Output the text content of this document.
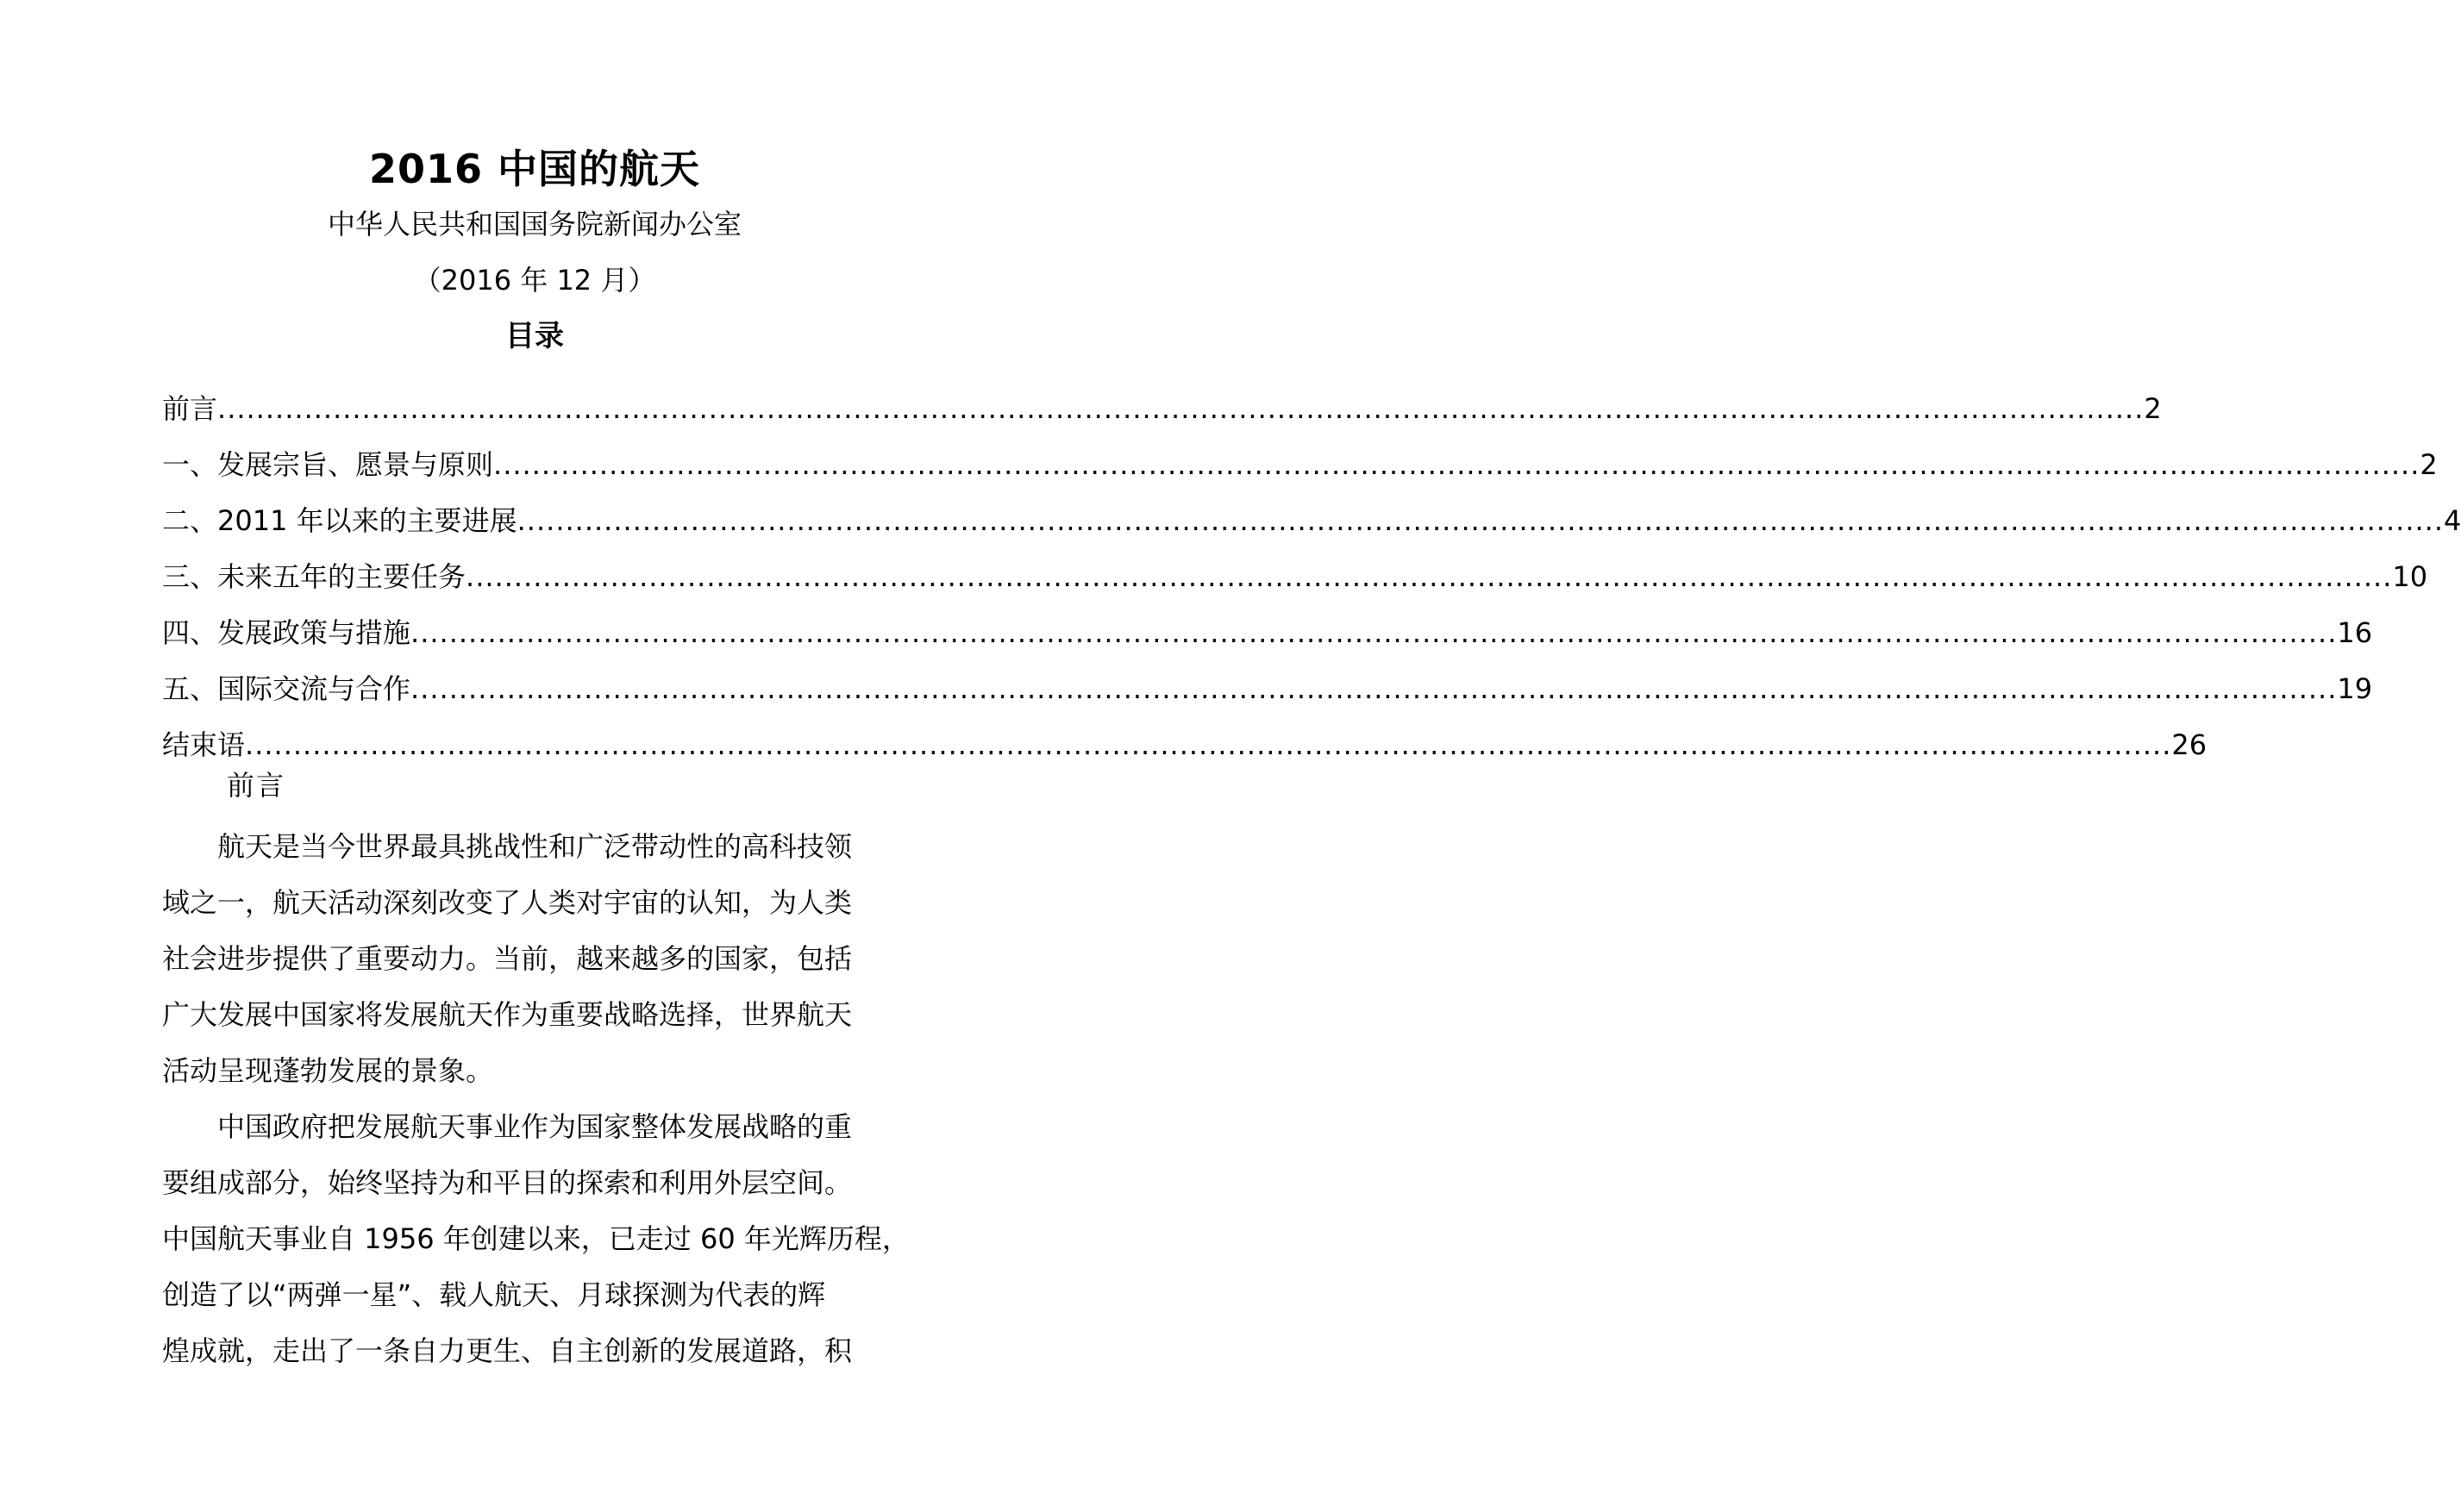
2016 中国的航天
中华人民共和国国务院新闻办公室
（2016 年 12 月）
目录
前言 ........................................................................................................................................................................................................ 2
一、发展宗旨、愿景与原则 ........................................................................................................................................................................................................ 2
二、2011 年以来的主要进展 ........................................................................................................................................................................................................ 4
三、未来五年的主要任务 ........................................................................................................................................................................................................ 10
四、发展政策与措施 ........................................................................................................................................................................................................ 16
五、国际交流与合作 ........................................................................................................................................................................................................ 19
结束语 ........................................................................................................................................................................................................ 26
前言

航天是当今世界最具挑战性和广泛带动性的高科技领
域之一，航天活动深刻改变了人类对宇宙的认知，为人类
社会进步提供了重要动力。当前，越来越多的国家，包括
广大发展中国家将发展航天作为重要战略选择，世界航天
活动呈现蓬勃发展的景象。

中国政府把发展航天事业作为国家整体发展战略的重
要组成部分，始终坚持为和平目的探索和利用外层空间。
中国航天事业自 1956 年创建以来，已走过 60 年光辉历程，
创造了以“两弹一星”、载人航天、月球探测为代表的辉
煌成就，走出了一条自力更生、自主创新的发展道路，积
